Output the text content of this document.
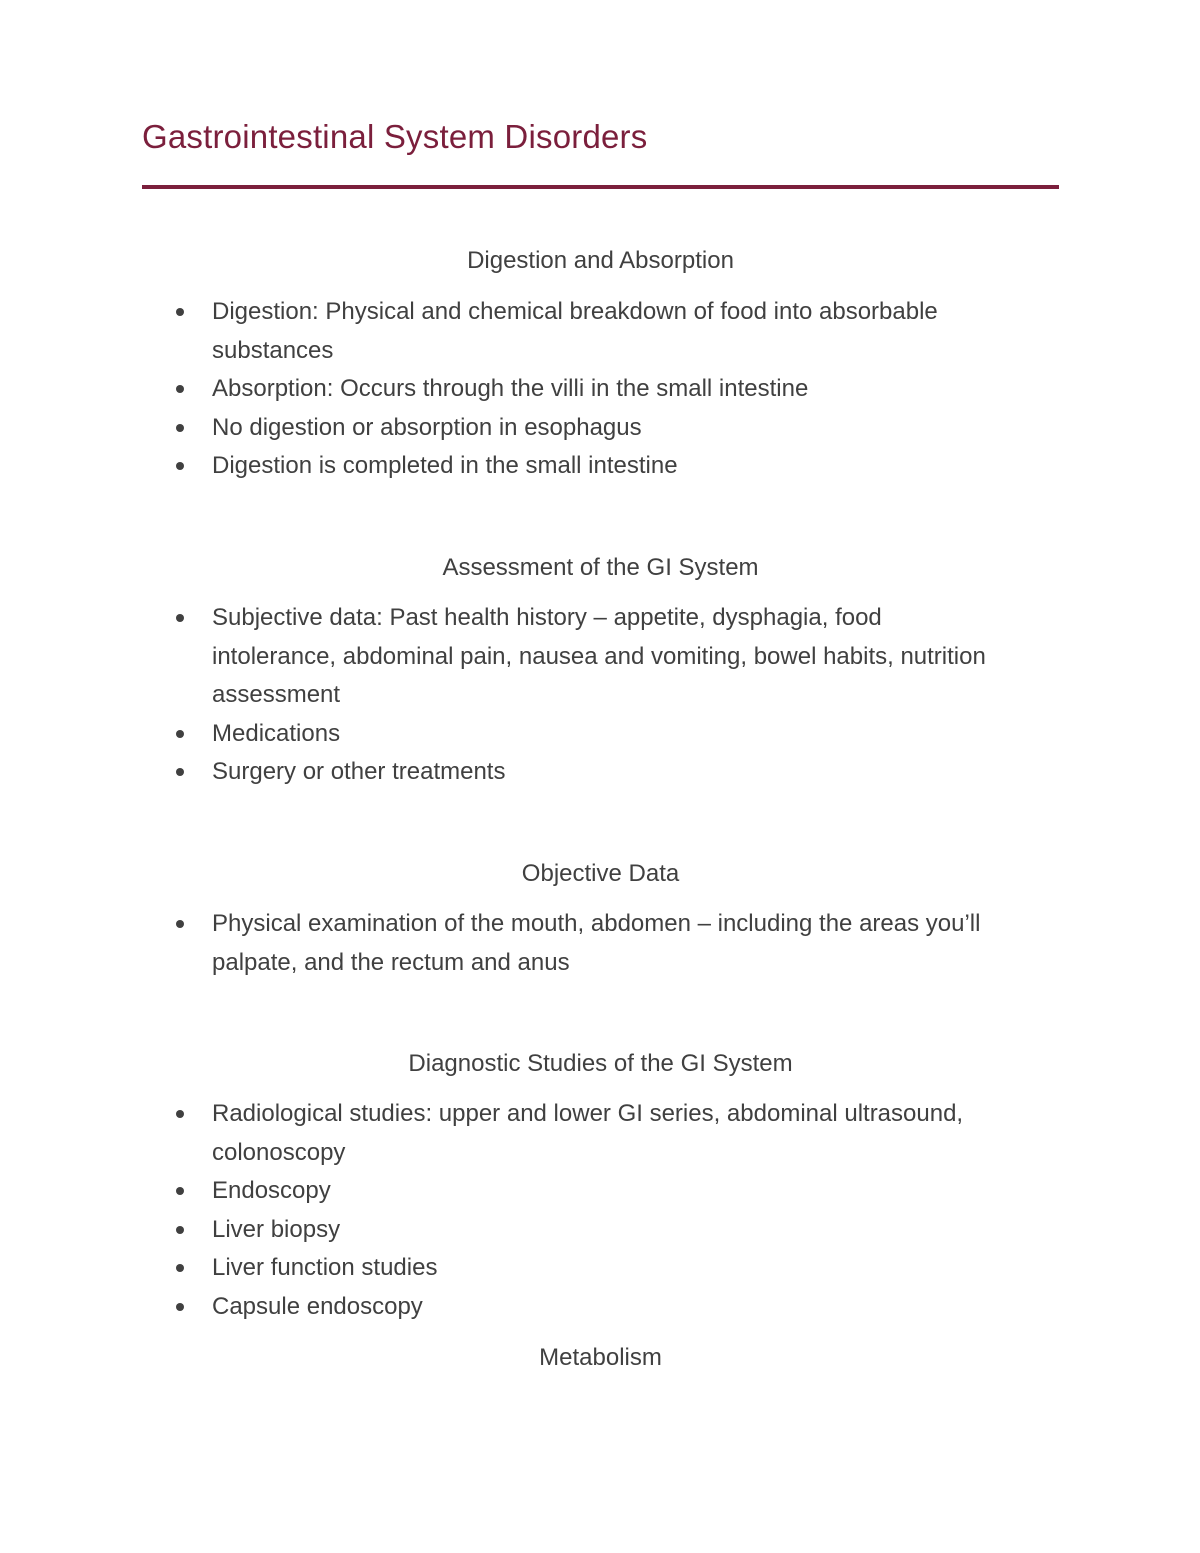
Gastrointestinal System Disorders
Digestion and Absorption
Digestion: Physical and chemical breakdown of food into absorbable substances
Absorption: Occurs through the villi in the small intestine
No digestion or absorption in esophagus
Digestion is completed in the small intestine
Assessment of the GI System
Subjective data: Past health history – appetite, dysphagia, food intolerance, abdominal pain, nausea and vomiting, bowel habits, nutrition assessment
Medications
Surgery or other treatments
Objective Data
Physical examination of the mouth, abdomen – including the areas you’ll palpate, and the rectum and anus
Diagnostic Studies of the GI System
Radiological studies: upper and lower GI series, abdominal ultrasound, colonoscopy
Endoscopy
Liver biopsy
Liver function studies
Capsule endoscopy
Metabolism
